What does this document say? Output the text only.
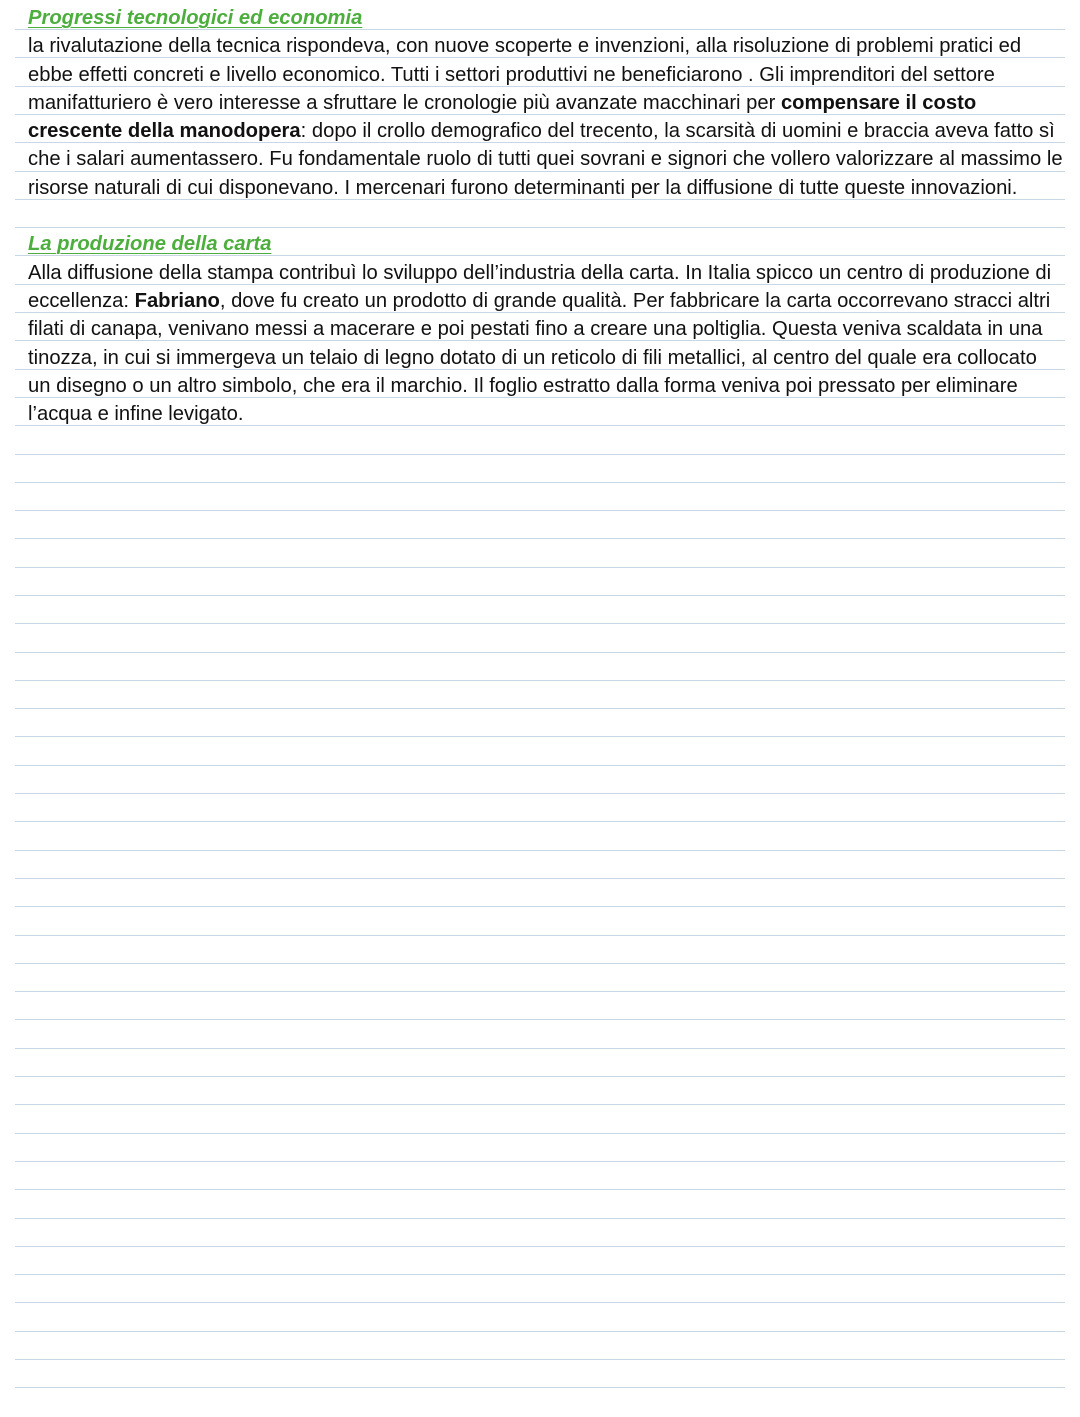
Progressi tecnologici ed economia
la rivalutazione della tecnica rispondeva, con nuove scoperte e invenzioni, alla risoluzione di problemi pratici ed ebbe effetti concreti e livello economico. Tutti i settori produttivi ne beneficiarono . Gli imprenditori del settore manifatturiero è vero interesse a sfruttare le cronologie più avanzate macchinari per compensare il costo crescente della manodopera: dopo il crollo demografico del trecento, la scarsità di uomini e braccia aveva fatto sì che i salari aumentassero. Fu fondamentale ruolo di tutti quei sovrani e signori che vollero valorizzare al massimo le risorse naturali di cui disponevano. I mercenari furono determinanti per la diffusione di tutte queste innovazioni.
La produzione della carta
Alla diffusione della stampa contribuì lo sviluppo dell’industria della carta. In Italia spicco un centro di produzione di eccellenza: Fabriano, dove fu creato un prodotto di grande qualità. Per fabbricare la carta occorrevano stracci altri filati di canapa, venivano messi a macerare e poi pestati fino a creare una poltiglia. Questa veniva scaldata in una tinozza, in cui si immergeva un telaio di legno dotato di un reticolo di fili metallici, al centro del quale era collocato un disegno o un altro simbolo, che era il marchio. Il foglio estratto dalla forma veniva poi pressato per eliminare l’acqua e infine levigato.
